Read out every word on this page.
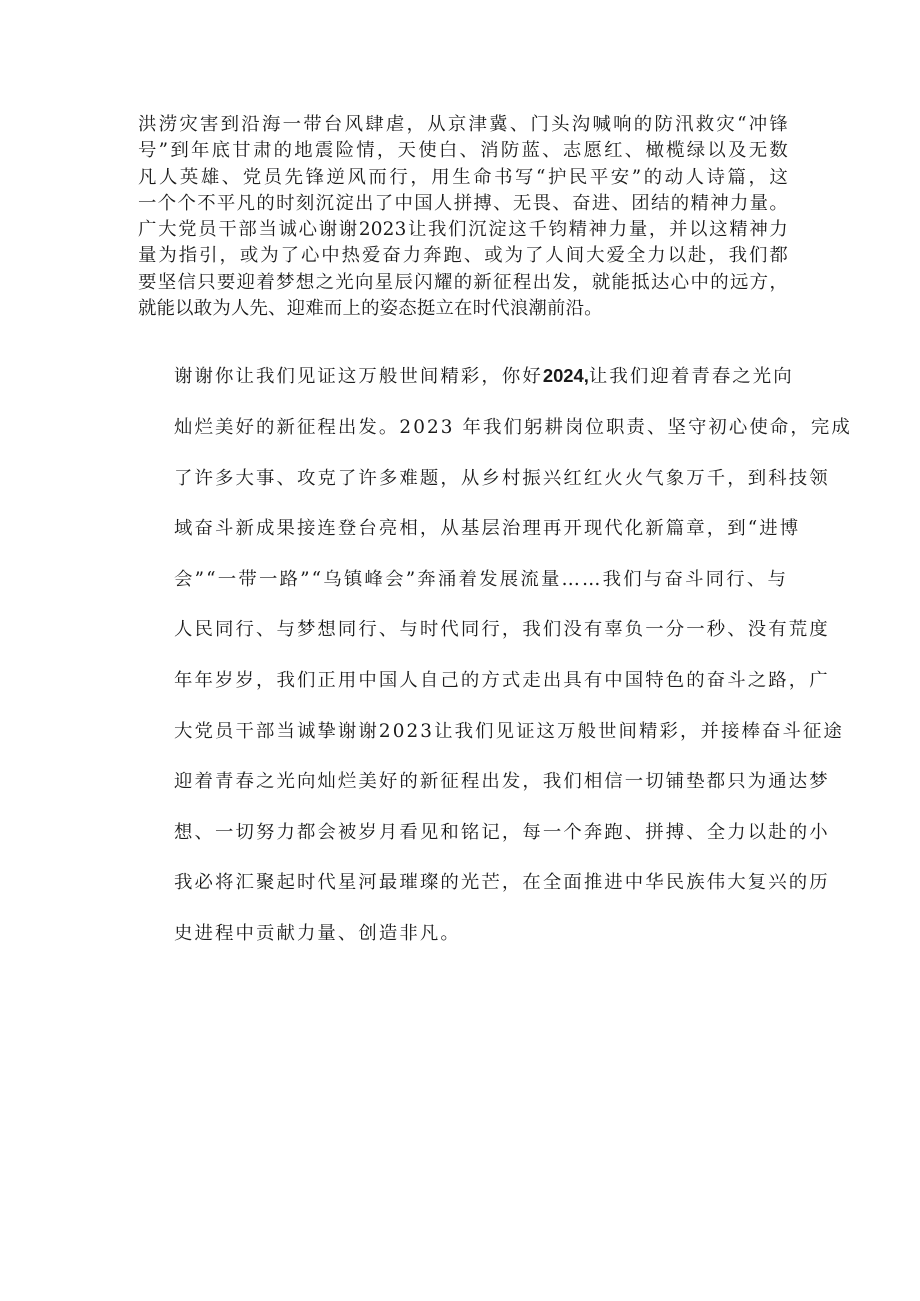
洪涝灾害到沿海一带台风肆虐，从京津冀、门头沟喊响的防汛救灾“冲锋
号”到年底甘肃的地震险情，天使白、消防蓝、志愿红、橄榄绿以及无数
凡人英雄、党员先锋逆风而行，用生命书写“护民平安”的动人诗篇，这
一个个不平凡的时刻沉淀出了中国人拼搏、无畏、奋进、团结的精神力量。
广大党员干部当诚心谢谢2023让我们沉淀这千钧精神力量，并以这精神力
量为指引，或为了心中热爱奋力奔跑、或为了人间大爱全力以赴，我们都
要坚信只要迎着梦想之光向星辰闪耀的新征程出发，就能抵达心中的远方，
就能以敢为人先、迎难而上的姿态挺立在时代浪潮前沿。

谢谢你让我们见证这万般世间精彩，你好2024,让我们迎着青春之光向
灿烂美好的新征程出发。2023 年我们躬耕岗位职责、坚守初心使命，完成
了许多大事、攻克了许多难题，从乡村振兴红红火火气象万千，到科技领
域奋斗新成果接连登台亮相，从基层治理再开现代化新篇章，到“进博
会”“一带一路”“乌镇峰会”奔涌着发展流量……我们与奋斗同行、与
人民同行、与梦想同行、与时代同行，我们没有辜负一分一秒、没有荒度
年年岁岁，我们正用中国人自己的方式走出具有中国特色的奋斗之路，广
大党员干部当诚挚谢谢2023让我们见证这万般世间精彩，并接棒奋斗征途
迎着青春之光向灿烂美好的新征程出发，我们相信一切铺垫都只为通达梦
想、一切努力都会被岁月看见和铭记，每一个奔跑、拼搏、全力以赴的小
我必将汇聚起时代星河最璀璨的光芒，在全面推进中华民族伟大复兴的历
史进程中贡献力量、创造非凡。
